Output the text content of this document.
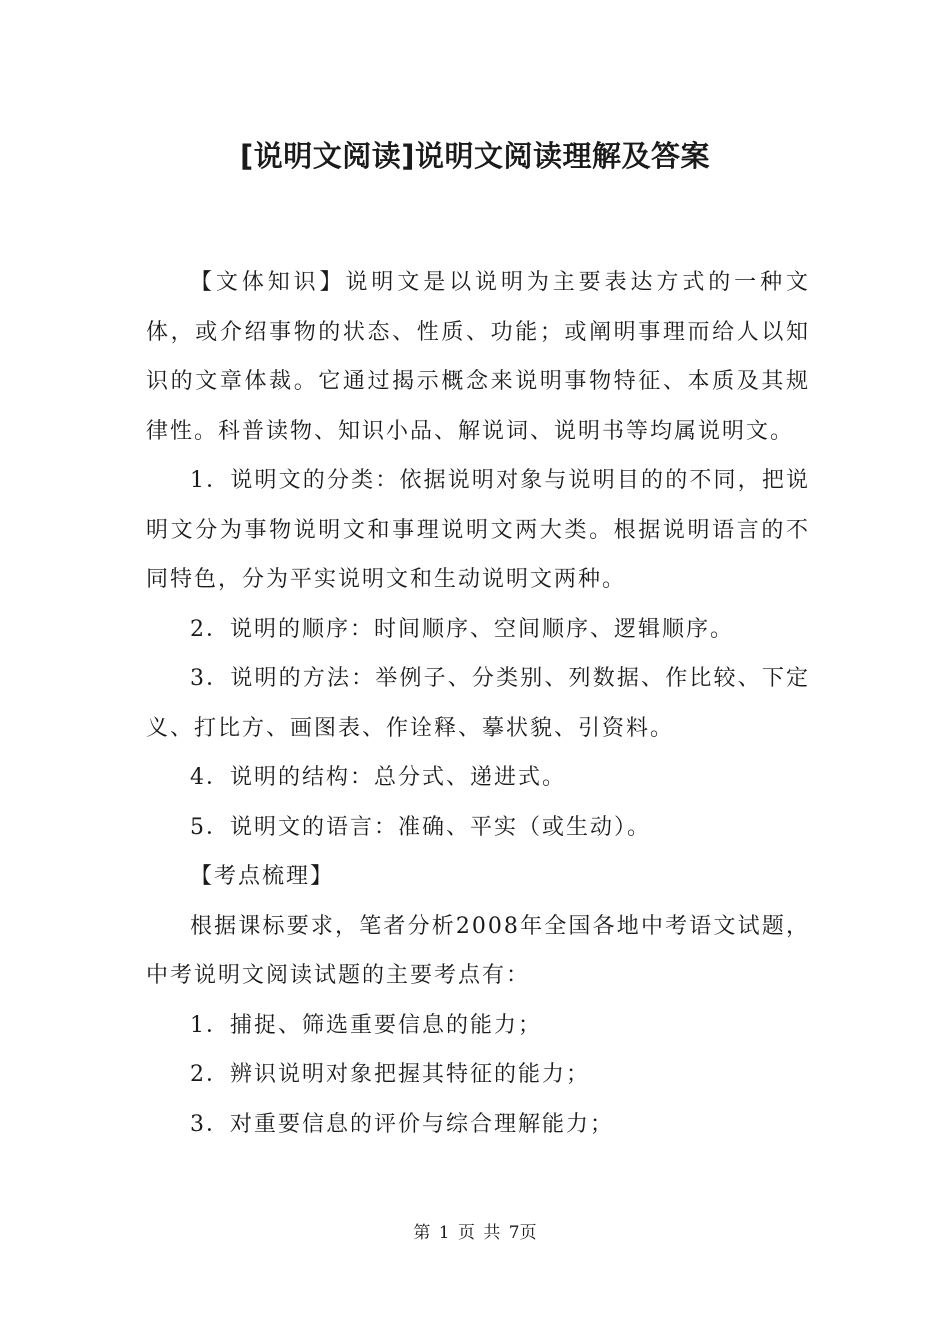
[说明文阅读]说明文阅读理解及答案

【文体知识】说明文是以说明为主要表达方式的一种文体，或介绍事物的状态、性质、功能；或阐明事理而给人以知识的文章体裁。它通过揭示概念来说明事物特征、本质及其规律性。科普读物、知识小品、解说词、说明书等均属说明文。

1．说明文的分类：依据说明对象与说明目的的不同，把说明文分为事物说明文和事理说明文两大类。根据说明语言的不同特色，分为平实说明文和生动说明文两种。

2．说明的顺序：时间顺序、空间顺序、逻辑顺序。

3．说明的方法：举例子、分类别、列数据、作比较、下定义、打比方、画图表、作诠释、摹状貌、引资料。

4．说明的结构：总分式、递进式。

5．说明文的语言：准确、平实（或生动）。

【考点梳理】

根据课标要求，笔者分析2008年全国各地中考语文试题，中考说明文阅读试题的主要考点有：

1．捕捉、筛选重要信息的能力；

2．辨识说明对象把握其特征的能力；

3．对重要信息的评价与综合理解能力；

第 1 页 共 7页
